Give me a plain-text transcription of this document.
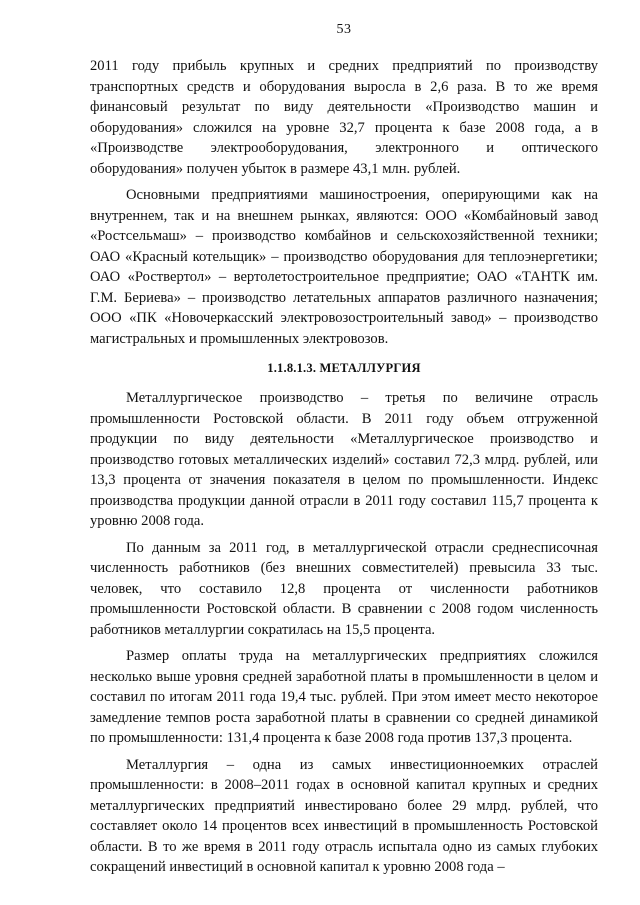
53

2011 году прибыль крупных и средних предприятий по производству транспортных средств и оборудования выросла в 2,6 раза. В то же время финансовый результат по виду деятельности «Производство машин и оборудования» сложился на уровне 32,7 процента к базе 2008 года, а в «Производстве электрооборудования, электронного и оптического оборудования» получен убыток в размере 43,1 млн. рублей.

Основными предприятиями машиностроения, оперирующими как на внутреннем, так и на внешнем рынках, являются: ООО «Комбайновый завод «Ростсельмаш» – производство комбайнов и сельскохозяйственной техники; ОАО «Красный котельщик» – производство оборудования для теплоэнергетики; ОАО «Роствертол» – вертолетостроительное предприятие; ОАО «ТАНТК им. Г.М. Бериева» – производство летательных аппаратов различного назначения; ООО «ПК «Новочеркасский электровозостроительный завод» – производство магистральных и промышленных электровозов.

1.1.8.1.3. МЕТАЛЛУРГИЯ

Металлургическое производство – третья по величине отрасль промышленности Ростовской области. В 2011 году объем отгруженной продукции по виду деятельности «Металлургическое производство и производство готовых металлических изделий» составил 72,3 млрд. рублей, или 13,3 процента от значения показателя в целом по промышленности. Индекс производства продукции данной отрасли в 2011 году составил 115,7 процента к уровню 2008 года.

По данным за 2011 год, в металлургической отрасли среднесписочная численность работников (без внешних совместителей) превысила 33 тыс. человек, что составило 12,8 процента от численности работников промышленности Ростовской области. В сравнении с 2008 годом численность работников металлургии сократилась на 15,5 процента.

Размер оплаты труда на металлургических предприятиях сложился несколько выше уровня средней заработной платы в промышленности в целом и составил по итогам 2011 года 19,4 тыс. рублей. При этом имеет место некоторое замедление темпов роста заработной платы в сравнении со средней динамикой по промышленности: 131,4 процента к базе 2008 года против 137,3 процента.

Металлургия – одна из самых инвестиционноемких отраслей промышленности: в 2008–2011 годах в основной капитал крупных и средних металлургических предприятий инвестировано более 29 млрд. рублей, что составляет около 14 процентов всех инвестиций в промышленность Ростовской области. В то же время в 2011 году отрасль испытала одно из самых глубоких сокращений инвестиций в основной капитал к уровню 2008 года –
